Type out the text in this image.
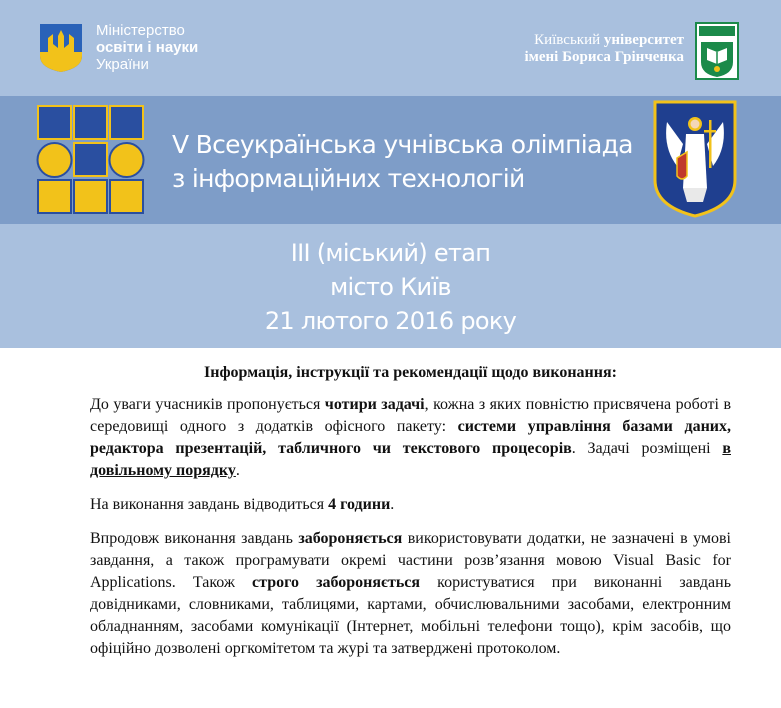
Міністерство
освіти і науки
України
Київський університет
імені Бориса Грінченка
V Всеукраїнська учнівська олімпіада
з інформаційних технологій
ІІІ (міський) етап
місто Київ
21 лютого 2016 року
Інформація, інструкції та рекомендації щодо виконання:

До уваги учасників пропонується чотири задачі, кожна з яких повністю присвячена роботі в середовищі одного з додатків офісного пакету: системи управління базами даних, редактора презентацій, табличного чи текстового процесорів. Задачі розміщені в довільному порядку.

На виконання завдань відводиться 4 години.

Впродовж виконання завдань забороняється використовувати додатки, не зазначені в умові завдання, а також програмувати окремі частини розв’язання мовою Visual Basic for Applications. Також строго забороняється користуватися при виконанні завдань довідниками, словниками, таблицями, картами, обчислювальними засобами, електронним обладнанням, засобами комунікації (Інтернет, мобільні телефони тощо), крім засобів, що офіційно дозволені оргкомітетом та журі та затверджені протоколом.
